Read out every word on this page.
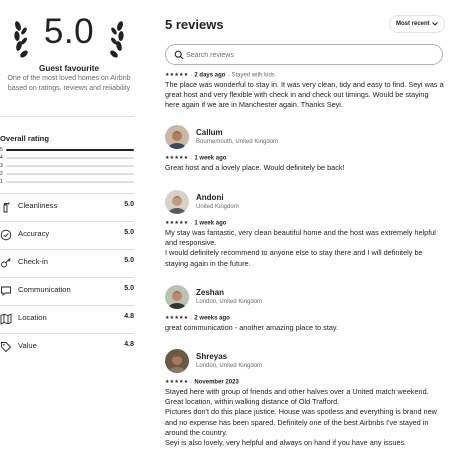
5.0
Guest favourite
One of the most loved homes on Airbnb based on ratings, reviews and reliability
Overall rating
5
4
3
2
1
Cleanliness	5.0
Accuracy	5.0
Check-in	5.0
Communication	5.0
Location	4.8
Value	4.8
5 reviews	Most recent
Search reviews
★★★★★ · 2 days ago · Stayed with kids

The place was wonderful to stay in. It was very clean, tidy and easy to find. Seyi was a great host and very flexible with check in and check out timings. Would be staying here again if we are in Manchester again. Thanks Seyi.

Callum
Bournemouth, United Kingdom
★★★★★ · 1 week ago

Great host and a lovely place. Would definitely be back!

Andoni
United Kingdom
★★★★★ · 1 week ago

My stay was fantastic, very clean beautiful home and the host was extremely helpful and responsive.

I would definitely recommend to anyone else to stay there and I will definitely be staying again in the future.

Zeshan
London, United Kingdom
★★★★★ · 2 weeks ago

great communication - another amazing place to stay.

Shreyas
London, United Kingdom
★★★★★ · November 2023

Stayed here with group of friends and other halves over a United match weekend. Great location, within walking distance of Old Trafford.

Pictures don't do this place justice. House was spotless and everything is brand new and no expense has been spared. Definitely one of the best Airbnbs I've stayed in around the country.

Seyi is also lovely, very helpful and always on hand if you have any issues.
